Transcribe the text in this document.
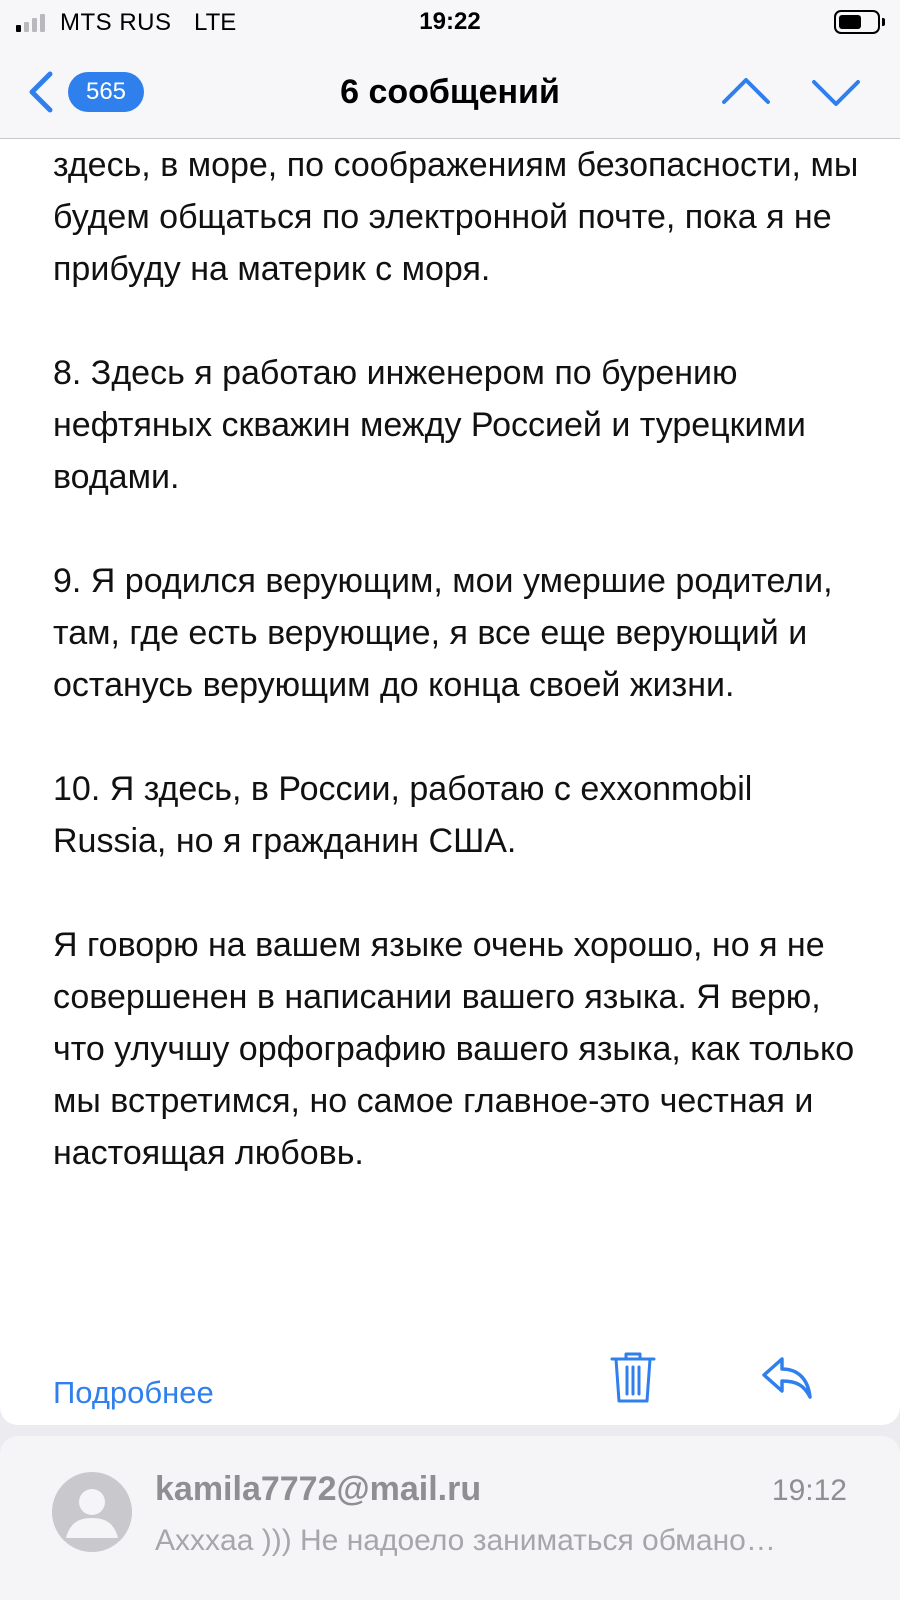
MTS RUS LTE	19:22
565	6 сообщений

здесь, в море, по соображениям безопасности, мы будем общаться по электронной почте, пока я не прибуду на материк с моря.

8. Здесь я работаю инженером по бурению нефтяных скважин между Россией и турецкими водами.

9. Я родился верующим, мои умершие родители, там, где есть верующие, я все еще верующий и останусь верующим до конца своей жизни.

10. Я здесь, в России, работаю с exxonmobil Russia, но я гражданин США.

Я говорю на вашем языке очень хорошо, но я не совершенен в написании вашего языка. Я верю, что улучшу орфографию вашего языка, как только мы встретимся, но самое главное-это честная и настоящая любовь.

Подробнее
kamila7772@mail.ru	19:12
Аxxxаа ))) Не надоело заниматься обмано…
